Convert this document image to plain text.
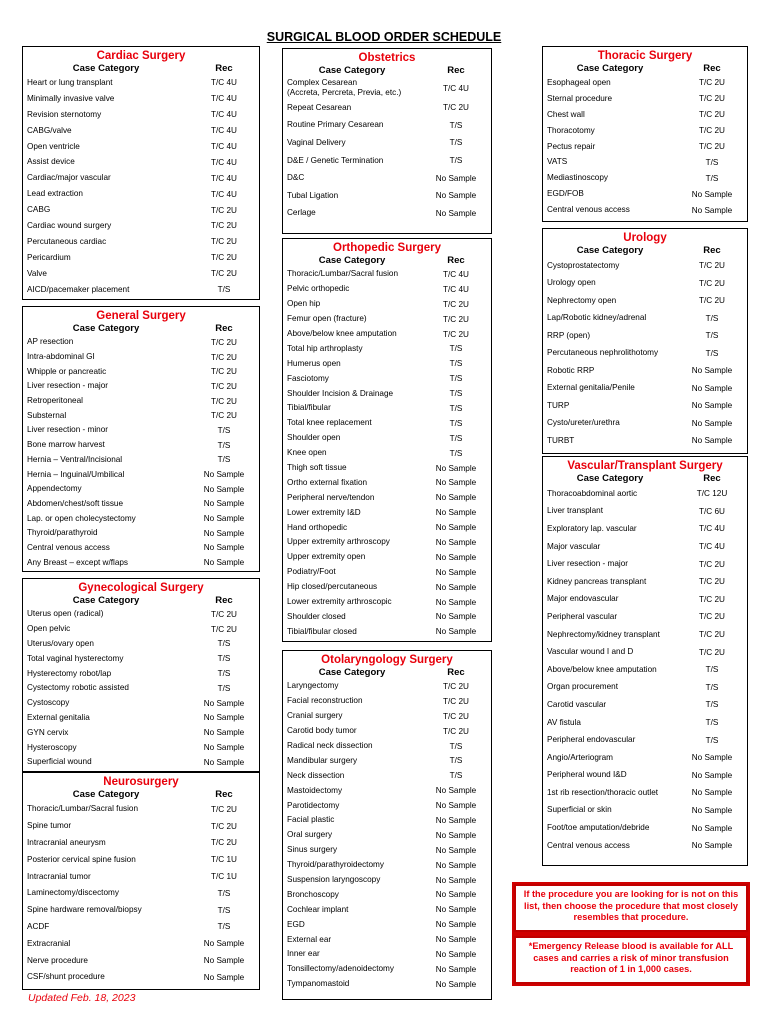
SURGICAL BLOOD ORDER SCHEDULE
Cardiac Surgery
Case Category	Rec
Heart or lung transplant	T/C 4U
Minimally invasive valve	T/C 4U
Revision sternotomy	T/C 4U
CABG/valve	T/C 4U
Open ventricle	T/C 4U
Assist device	T/C 4U
Cardiac/major vascular	T/C 4U
Lead extraction	T/C 4U
CABG	T/C 2U
Cardiac wound surgery	T/C 2U
Percutaneous cardiac	T/C 2U
Pericardium	T/C 2U
Valve	T/C 2U
AICD/pacemaker placement	T/S
General Surgery
Case Category	Rec
AP resection	T/C 2U
Intra-abdominal GI	T/C 2U
Whipple or pancreatic	T/C 2U
Liver resection - major	T/C 2U
Retroperitoneal	T/C 2U
Substernal	T/C 2U
Liver resection - minor	T/S
Bone marrow harvest	T/S
Hernia – Ventral/Incisional	T/S
Hernia – Inguinal/Umbilical	No Sample
Appendectomy	No Sample
Abdomen/chest/soft tissue	No Sample
Lap. or open cholecystectomy	No Sample
Thyroid/parathyroid	No Sample
Central venous access	No Sample
Any Breast – except w/flaps	No Sample
Gynecological Surgery
Case Category	Rec
Uterus open (radical)	T/C 2U
Open pelvic	T/C 2U
Uterus/ovary open	T/S
Total vaginal hysterectomy	T/S
Hysterectomy robot/lap	T/S
Cystectomy robotic assisted	T/S
Cystoscopy	No Sample
External genitalia	No Sample
GYN cervix	No Sample
Hysteroscopy	No Sample
Superficial wound	No Sample
Neurosurgery
Case Category	Rec
Thoracic/Lumbar/Sacral fusion	T/C 2U
Spine tumor	T/C 2U
Intracranial aneurysm	T/C 2U
Posterior cervical spine fusion	T/C 1U
Intracranial tumor	T/C 1U
Laminectomy/discectomy	T/S
Spine hardware removal/biopsy	T/S
ACDF	T/S
Extracranial	No Sample
Nerve procedure	No Sample
CSF/shunt procedure	No Sample
Updated Feb. 18, 2023
Obstetrics
Case Category	Rec
Complex Cesarean
(Accreta, Percreta, Previa, etc.)	T/C 4U
Repeat Cesarean	T/C 2U
Routine Primary Cesarean	T/S
Vaginal Delivery	T/S
D&E / Genetic Termination	T/S
D&C	No Sample
Tubal Ligation	No Sample
Cerlage	No Sample
Orthopedic Surgery
Case Category	Rec
Thoracic/Lumbar/Sacral fusion	T/C 4U
Pelvic orthopedic	T/C 4U
Open hip	T/C 2U
Femur open (fracture)	T/C 2U
Above/below knee amputation	T/C 2U
Total hip arthroplasty	T/S
Humerus open	T/S
Fasciotomy	T/S
Shoulder Incision & Drainage	T/S
Tibial/fibular	T/S
Total knee replacement	T/S
Shoulder open	T/S
Knee open	T/S
Thigh soft tissue	No Sample
Ortho external fixation	No Sample
Peripheral nerve/tendon	No Sample
Lower extremity I&D	No Sample
Hand orthopedic	No Sample
Upper extremity arthroscopy	No Sample
Upper extremity open	No Sample
Podiatry/Foot	No Sample
Hip closed/percutaneous	No Sample
Lower extremity arthroscopic	No Sample
Shoulder closed	No Sample
Tibial/fibular closed	No Sample
Otolaryngology Surgery
Case Category	Rec
Laryngectomy	T/C 2U
Facial reconstruction	T/C 2U
Cranial surgery	T/C 2U
Carotid body tumor	T/C 2U
Radical neck dissection	T/S
Mandibular surgery	T/S
Neck dissection	T/S
Mastoidectomy	No Sample
Parotidectomy	No Sample
Facial plastic	No Sample
Oral surgery	No Sample
Sinus surgery	No Sample
Thyroid/parathyroidectomy	No Sample
Suspension laryngoscopy	No Sample
Bronchoscopy	No Sample
Cochlear implant	No Sample
EGD	No Sample
External ear	No Sample
Inner ear	No Sample
Tonsillectomy/adenoidectomy	No Sample
Tympanomastoid	No Sample
Thoracic Surgery
Case Category	Rec
Esophageal open	T/C 2U
Sternal procedure	T/C 2U
Chest wall	T/C 2U
Thoracotomy	T/C 2U
Pectus repair	T/C 2U
VATS	T/S
Mediastinoscopy	T/S
EGD/FOB	No Sample
Central venous access	No Sample
Urology
Case Category	Rec
Cystoprostatectomy	T/C 2U
Urology open	T/C 2U
Nephrectomy open	T/C 2U
Lap/Robotic kidney/adrenal	T/S
RRP (open)	T/S
Percutaneous nephrolithotomy	T/S
Robotic RRP	No Sample
External genitalia/Penile	No Sample
TURP	No Sample
Cysto/ureter/urethra	No Sample
TURBT	No Sample
Vascular/Transplant Surgery
Case Category	Rec
Thoracoabdominal aortic	T/C 12U
Liver transplant	T/C 6U
Exploratory lap. vascular	T/C 4U
Major vascular	T/C 4U
Liver resection - major	T/C 2U
Kidney pancreas transplant	T/C 2U
Major endovascular	T/C 2U
Peripheral vascular	T/C 2U
Nephrectomy/kidney transplant	T/C 2U
Vascular wound I and D	T/C 2U
Above/below knee amputation	T/S
Organ procurement	T/S
Carotid vascular	T/S
AV fistula	T/S
Peripheral endovascular	T/S
Angio/Arteriogram	No Sample
Peripheral wound I&D	No Sample
1st rib resection/thoracic outlet	No Sample
Superficial or skin	No Sample
Foot/toe amputation/debride	No Sample
Central venous access	No Sample
If the procedure you are looking for is not on this list, then choose the procedure that most closely resembles that procedure.
*Emergency Release blood is available for ALL cases and carries a risk of minor transfusion reaction of 1 in 1,000 cases.
